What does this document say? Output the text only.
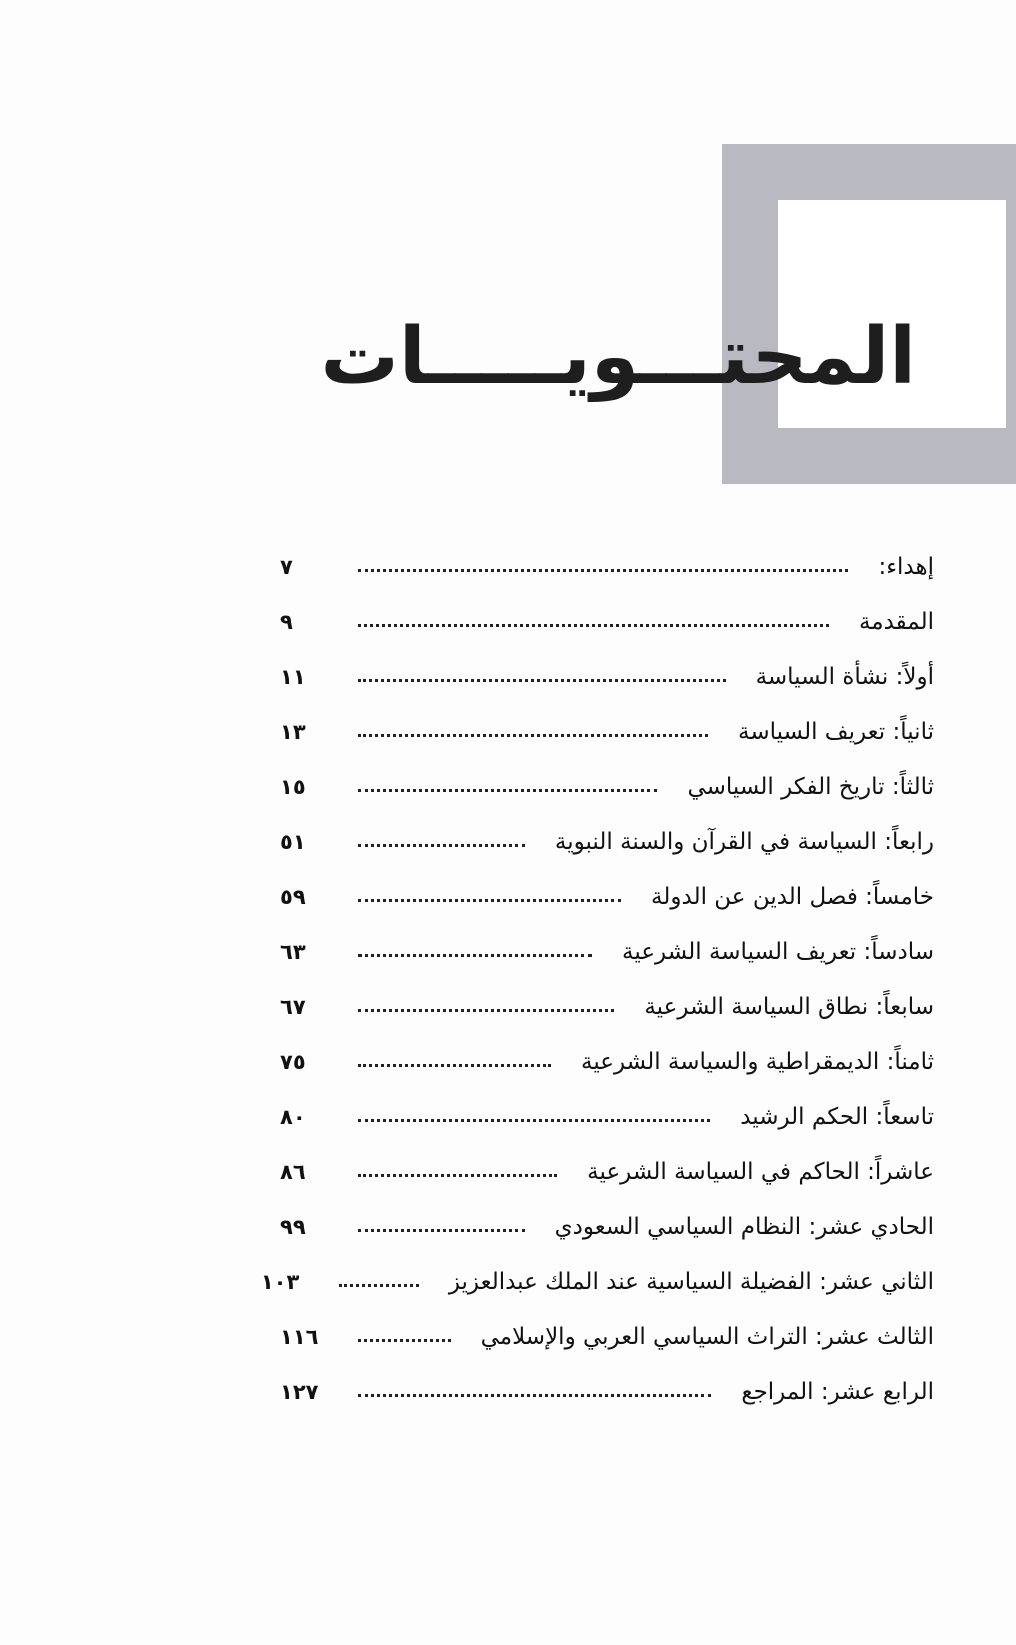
المحتـــويـــــات
إهداء:
٧
المقدمة
٩
أولاً: نشأة السياسة
١١
ثانياً: تعريف السياسة
١٣
ثالثاً: تاريخ الفكر السياسي
١٥
رابعاً: السياسة في القرآن والسنة النبوية
٥١
خامساً: فصل الدين عن الدولة
٥٩
سادساً: تعريف السياسة الشرعية
٦٣
سابعاً: نطاق السياسة الشرعية
٦٧
ثامناً: الديمقراطية والسياسة الشرعية
٧٥
تاسعاً: الحكم الرشيد
٨٠
عاشراً: الحاكم في السياسة الشرعية
٨٦
الحادي عشر: النظام السياسي السعودي
٩٩
الثاني عشر: الفضيلة السياسية عند الملك عبدالعزيز
١٠٣
الثالث عشر: التراث السياسي العربي والإسلامي
١١٦
الرابع عشر: المراجع
١٢٧
